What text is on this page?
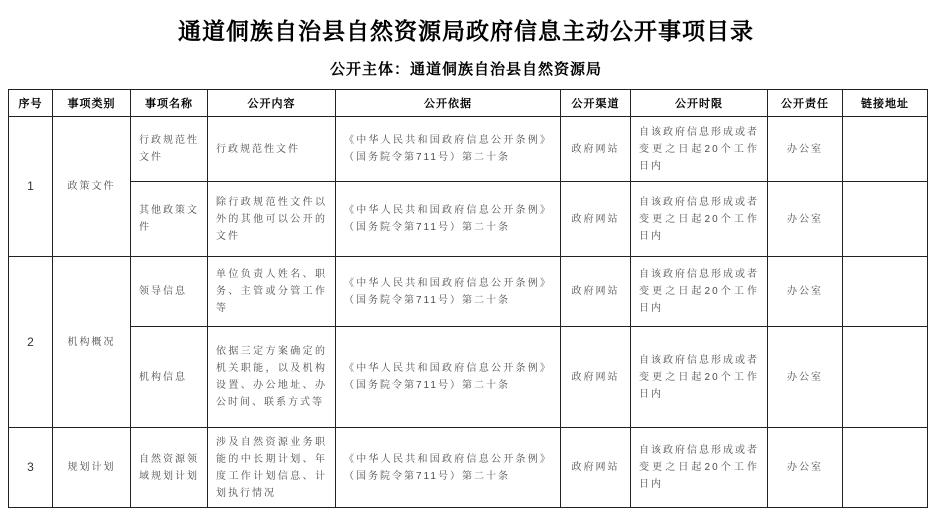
通道侗族自治县自然资源局政府信息主动公开事项目录
公开主体：通道侗族自治县自然资源局
序号	事项类别	事项名称	公开内容	公开依据	公开渠道	公开时限	公开责任	链接地址
1	政策文件	行政规范性文件	行政规范性文件	《中华人民共和国政府信息公开条例》（国务院令第711号）第二十条	政府网站	自该政府信息形成或者变更之日起20个工作日内	办公室	
		其他政策文件	除行政规范性文件以外的其他可以公开的文件	《中华人民共和国政府信息公开条例》（国务院令第711号）第二十条	政府网站	自该政府信息形成或者变更之日起20个工作日内	办公室	
2	机构概况	领导信息	单位负责人姓名、职务、主管或分管工作等	《中华人民共和国政府信息公开条例》（国务院令第711号）第二十条	政府网站	自该政府信息形成或者变更之日起20个工作日内	办公室	
		机构信息	依据三定方案确定的机关职能，以及机构设置、办公地址、办公时间、联系方式等	《中华人民共和国政府信息公开条例》（国务院令第711号）第二十条	政府网站	自该政府信息形成或者变更之日起20个工作日内	办公室	
3	规划计划	自然资源领域规划计划	涉及自然资源业务职能的中长期计划、年度工作计划信息、计划执行情况	《中华人民共和国政府信息公开条例》（国务院令第711号）第二十条	政府网站	自该政府信息形成或者变更之日起20个工作日内	办公室	
